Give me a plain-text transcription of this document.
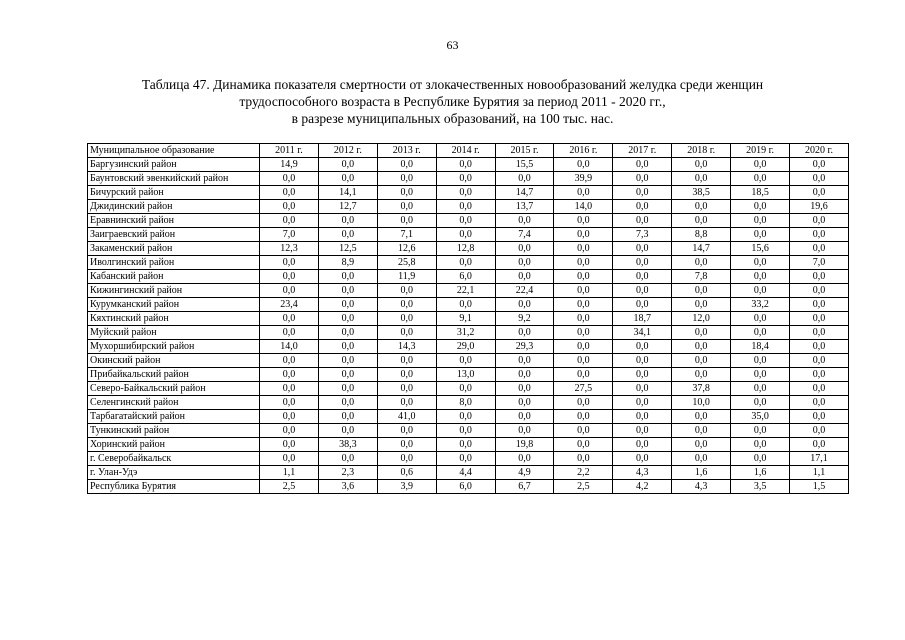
63
Таблица 47. Динамика показателя смертности от злокачественных новообразований желудка среди женщин
трудоспособного возраста в Республике Бурятия за период 2011 - 2020 гг.,
в разрезе муниципальных образований, на 100 тыс. нас.
Муниципальное образование	2011 г.	2012 г.	2013 г.	2014 г.	2015 г.	2016 г.	2017 г.	2018 г.	2019 г.	2020 г.
Баргузинский район	14,9	0,0	0,0	0,0	15,5	0,0	0,0	0,0	0,0	0,0
Баунтовский эвенкийский район	0,0	0,0	0,0	0,0	0,0	39,9	0,0	0,0	0,0	0,0
Бичурский район	0,0	14,1	0,0	0,0	14,7	0,0	0,0	38,5	18,5	0,0
Джидинский район	0,0	12,7	0,0	0,0	13,7	14,0	0,0	0,0	0,0	19,6
Еравнинский район	0,0	0,0	0,0	0,0	0,0	0,0	0,0	0,0	0,0	0,0
Заиграевский район	7,0	0,0	7,1	0,0	7,4	0,0	7,3	8,8	0,0	0,0
Закаменский район	12,3	12,5	12,6	12,8	0,0	0,0	0,0	14,7	15,6	0,0
Иволгинский район	0,0	8,9	25,8	0,0	0,0	0,0	0,0	0,0	0,0	7,0
Кабанский район	0,0	0,0	11,9	6,0	0,0	0,0	0,0	7,8	0,0	0,0
Кижингинский район	0,0	0,0	0,0	22,1	22,4	0,0	0,0	0,0	0,0	0,0
Курумканский район	23,4	0,0	0,0	0,0	0,0	0,0	0,0	0,0	33,2	0,0
Кяхтинский район	0,0	0,0	0,0	9,1	9,2	0,0	18,7	12,0	0,0	0,0
Муйский район	0,0	0,0	0,0	31,2	0,0	0,0	34,1	0,0	0,0	0,0
Мухоршибирский район	14,0	0,0	14,3	29,0	29,3	0,0	0,0	0,0	18,4	0,0
Окинский район	0,0	0,0	0,0	0,0	0,0	0,0	0,0	0,0	0,0	0,0
Прибайкальский район	0,0	0,0	0,0	13,0	0,0	0,0	0,0	0,0	0,0	0,0
Северо-Байкальский район	0,0	0,0	0,0	0,0	0,0	27,5	0,0	37,8	0,0	0,0
Селенгинский район	0,0	0,0	0,0	8,0	0,0	0,0	0,0	10,0	0,0	0,0
Тарбагатайский район	0,0	0,0	41,0	0,0	0,0	0,0	0,0	0,0	35,0	0,0
Тункинский район	0,0	0,0	0,0	0,0	0,0	0,0	0,0	0,0	0,0	0,0
Хоринский район	0,0	38,3	0,0	0,0	19,8	0,0	0,0	0,0	0,0	0,0
г. Северобайкальск	0,0	0,0	0,0	0,0	0,0	0,0	0,0	0,0	0,0	17,1
г. Улан-Удэ	1,1	2,3	0,6	4,4	4,9	2,2	4,3	1,6	1,6	1,1
Республика Бурятия	2,5	3,6	3,9	6,0	6,7	2,5	4,2	4,3	3,5	1,5
